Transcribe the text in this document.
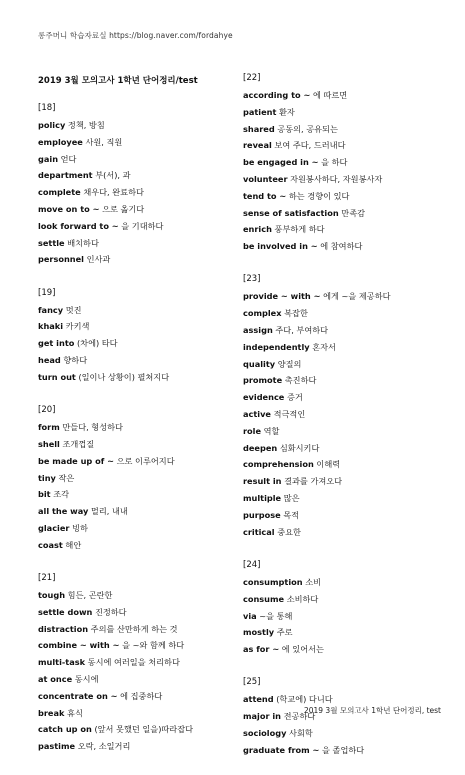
롱주머니 학습자료실 https://blog.naver.com/fordahye
2019 3월 모의고사 1학년 단어정리/test
[18]
policy 정책, 방침
employee 사원, 직원
gain 얻다
department 부(서), 과
complete 채우다, 완료하다
move on to ~ 으로 옮기다
look forward to ~ 을 기대하다
settle 배치하다
personnel 인사과
[19]
fancy 멋진
khaki 카키색
get into (차에) 타다
head 향하다
turn out (일이나 상황이) 펼쳐지다
[20]
form 만들다, 형성하다
shell 조개껍질
be made up of ~ 으로 이루어지다
tiny 작은
bit 조각
all the way 멀리, 내내
glacier 빙하
coast 해안
[21]
tough 힘든, 곤란한
settle down 진정하다
distraction 주의를 산만하게 하는 것
combine ~ with ~ 을 ~와 함께 하다
multi-task 동시에 여러일을 처리하다
at once 동시에
concentrate on ~ 에 집중하다
break 휴식
catch up on (앞서 못했던 일을)따라잡다
pastime 오락, 소일거리
[22]
according to ~ 에 따르면
patient 환자
shared 공동의, 공유되는
reveal 보여 주다, 드러내다
be engaged in ~ 을 하다
volunteer 자원봉사하다, 자원봉사자
tend to ~ 하는 경향이 있다
sense of satisfaction 만족감
enrich 풍부하게 하다
be involved in ~ 에 참여하다
[23]
provide ~ with ~ 에게 ~을 제공하다
complex 복잡한
assign 주다, 부여하다
independently 혼자서
quality 양질의
promote 촉진하다
evidence 증거
active 적극적인
role 역할
deepen 심화시키다
comprehension 이해력
result in 결과를 가져오다
multiple 많은
purpose 목적
critical 중요한
[24]
consumption 소비
consume 소비하다
via ~을 통해
mostly 주로
as for ~ 에 있어서는
[25]
attend (학교에) 다니다
major in 전공하다
sociology 사회학
graduate from ~ 을 졸업하다
2019 3월 모의고사 1학년 단어정리, test
